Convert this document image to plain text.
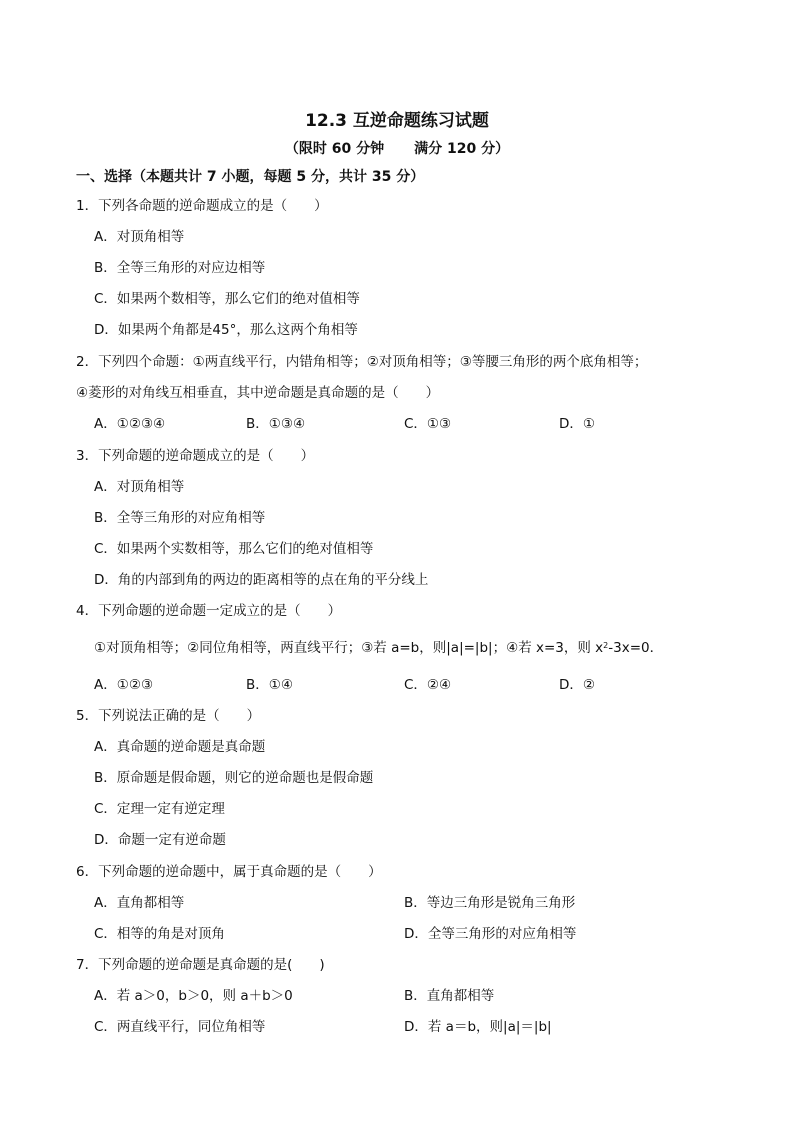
12.3 互逆命题练习试题
（限时 60 分钟 满分 120 分）
一、选择（本题共计 7 小题，每题 5 分，共计 35 分）
1．下列各命题的逆命题成立的是（　　）
A．对顶角相等
B．全等三角形的对应边相等
C．如果两个数相等，那么它们的绝对值相等
D．如果两个角都是45°，那么这两个角相等
2．下列四个命题：①两直线平行，内错角相等；②对顶角相等；③等腰三角形的两个底角相等；
④菱形的对角线互相垂直，其中逆命题是真命题的是（　　）
A．①②③④	B．①③④	C．①③	D．①
3．下列命题的逆命题成立的是（　　）
A．对顶角相等
B．全等三角形的对应角相等
C．如果两个实数相等，那么它们的绝对值相等
D．角的内部到角的两边的距离相等的点在角的平分线上
4．下列命题的逆命题一定成立的是（　　）
①对顶角相等；②同位角相等，两直线平行；③若 a=b，则|a|=|b|；④若 x=3，则 $x^2-3x=0$．
A．①②③	B．①④	C．②④	D．②
5．下列说法正确的是（　　）
A．真命题的逆命题是真命题
B．原命题是假命题，则它的逆命题也是假命题
C．定理一定有逆定理
D．命题一定有逆命题
6．下列命题的逆命题中，属于真命题的是（　　）
A．直角都相等	B．等边三角形是锐角三角形
C．相等的角是对顶角	D．全等三角形的对应角相等
7．下列命题的逆命题是真命题的是(　　)
A．若 a＞0，b＞0，则 a＋b＞0	B．直角都相等
C．两直线平行，同位角相等	D．若 a＝b，则|a|＝|b|
